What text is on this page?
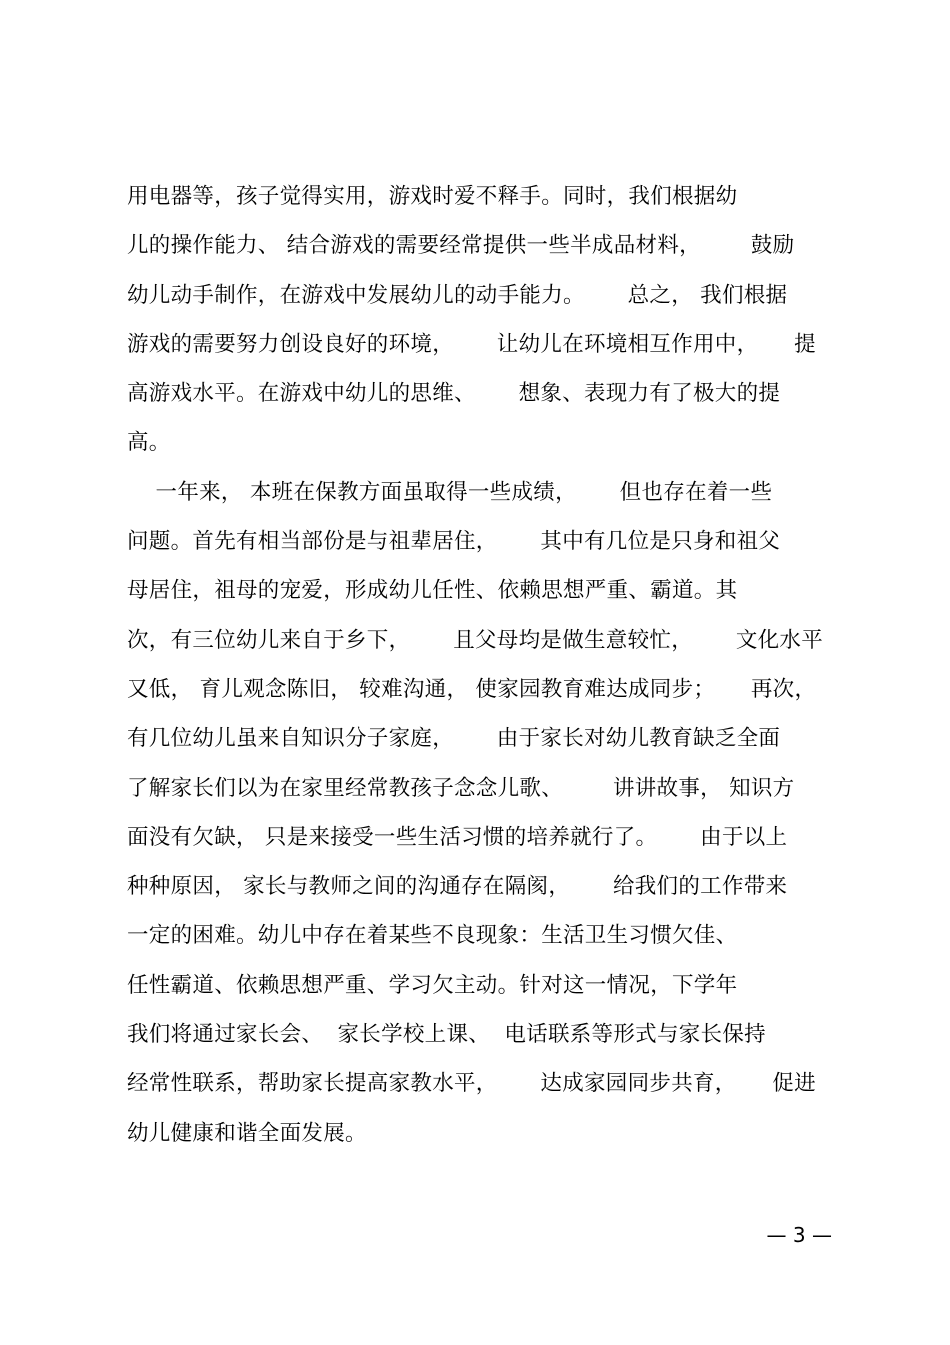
用电器等，孩子觉得实用，游戏时爱不释手。同时，我们根据幼
儿的操作能力、 结合游戏的需要经常提供一些半成品材料，       鼓励
幼儿动手制作，在游戏中发展幼儿的动手能力。      总之， 我们根据
游戏的需要努力创设良好的环境，      让幼儿在环境相互作用中，     提
高游戏水平。在游戏中幼儿的思维、      想象、表现力有了极大的提
高。
一年来， 本班在保教方面虽取得一些成绩，      但也存在着一些
问题。首先有相当部份是与祖辈居住，      其中有几位是只身和祖父
母居住，祖母的宠爱，形成幼儿任性、依赖思想严重、霸道。其
次，有三位幼儿来自于乡下，      且父母均是做生意较忙，      文化水平
又低， 育儿观念陈旧， 较难沟通， 使家园教育难达成同步；     再次，
有几位幼儿虽来自知识分子家庭，      由于家长对幼儿教育缺乏全面
了解家长们以为在家里经常教孩子念念儿歌、       讲讲故事， 知识方
面没有欠缺， 只是来接受一些生活习惯的培养就行了。      由于以上
种种原因， 家长与教师之间的沟通存在隔阂，      给我们的工作带来
一定的困难。幼儿中存在着某些不良现象：生活卫生习惯欠佳、
任性霸道、依赖思想严重、学习欠主动。针对这一情况，下学年
我们将通过家长会、  家长学校上课、  电话联系等形式与家长保持
经常性联系，帮助家长提高家教水平，      达成家园同步共育，     促进
幼儿健康和谐全面发展。
— 3 —
